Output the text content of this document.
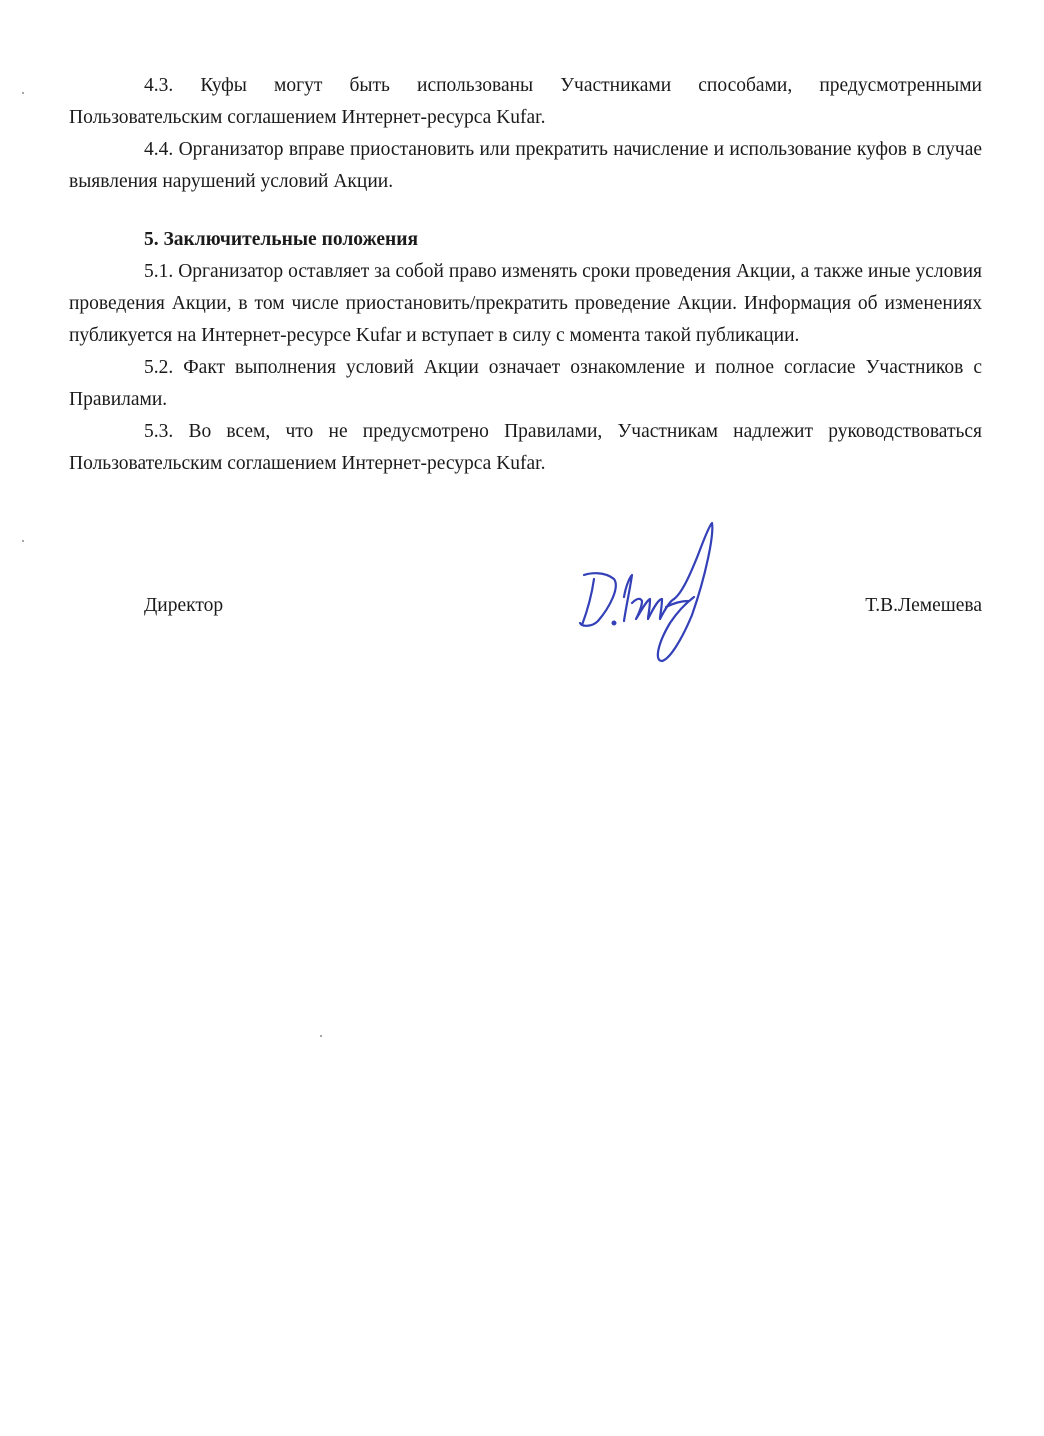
4.3. Куфы могут быть использованы Участниками способами, предусмотренными Пользовательским соглашением Интернет-ресурса Kufar.

4.4. Организатор вправе приостановить или прекратить начисление и использование куфов в случае выявления нарушений условий Акции.

5. Заключительные положения

5.1. Организатор оставляет за собой право изменять сроки проведения Акции, а также иные условия проведения Акции, в том числе приостановить/прекратить проведение Акции. Информация об изменениях публикуется на Интернет-ресурсе Kufar и вступает в силу с момента такой публикации.

5.2. Факт выполнения условий Акции означает ознакомление и полное согласие Участников с Правилами.

5.3. Во всем, что не предусмотрено Правилами, Участникам надлежит руководствоваться Пользовательским соглашением Интернет-ресурса Kufar.

Директор	Т.В.Лемешева
